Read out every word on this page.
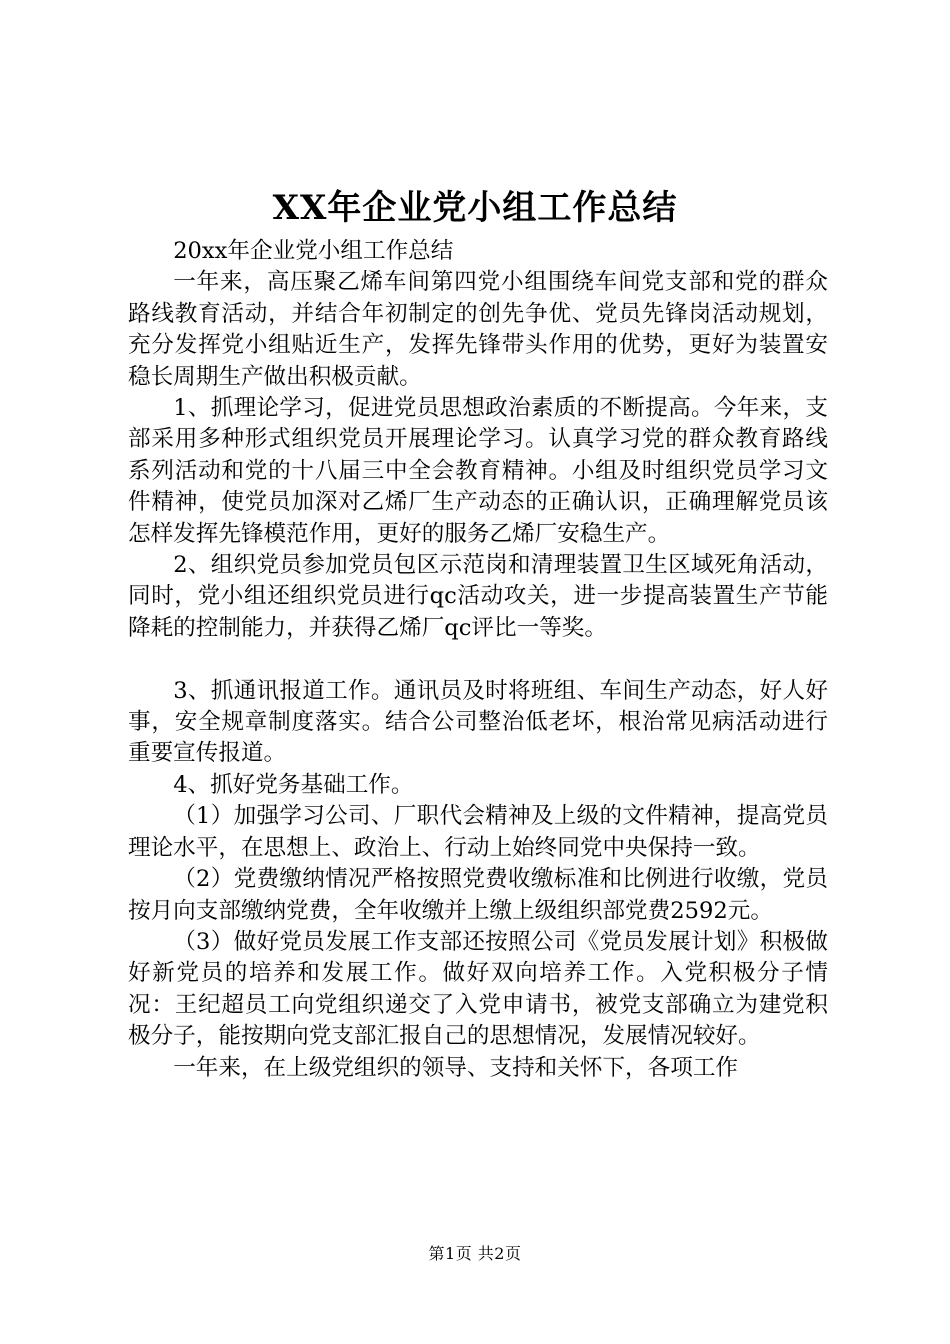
XX年企业党小组工作总结

20xx年企业党小组工作总结

一年来，高压聚乙烯车间第四党小组围绕车间党支部和党的群众路线教育活动，并结合年初制定的创先争优、党员先锋岗活动规划，充分发挥党小组贴近生产，发挥先锋带头作用的优势，更好为装置安稳长周期生产做出积极贡献。

1、抓理论学习，促进党员思想政治素质的不断提高。今年来，支部采用多种形式组织党员开展理论学习。认真学习党的群众教育路线系列活动和党的十八届三中全会教育精神。小组及时组织党员学习文件精神，使党员加深对乙烯厂生产动态的正确认识，正确理解党员该怎样发挥先锋模范作用，更好的服务乙烯厂安稳生产。

2、组织党员参加党员包区示范岗和清理装置卫生区域死角活动，同时，党小组还组织党员进行qc活动攻关，进一步提高装置生产节能降耗的控制能力，并获得乙烯厂qc评比一等奖。

3、抓通讯报道工作。通讯员及时将班组、车间生产动态，好人好事，安全规章制度落实。结合公司整治低老坏，根治常见病活动进行重要宣传报道。

4、抓好党务基础工作。

（1）加强学习公司、厂职代会精神及上级的文件精神，提高党员理论水平，在思想上、政治上、行动上始终同党中央保持一致。

（2）党费缴纳情况严格按照党费收缴标准和比例进行收缴，党员按月向支部缴纳党费，全年收缴并上缴上级组织部党费2592元。

（3）做好党员发展工作支部还按照公司《党员发展计划》积极做好新党员的培养和发展工作。做好双向培养工作。入党积极分子情况：王纪超员工向党组织递交了入党申请书，被党支部确立为建党积极分子，能按期向党支部汇报自己的思想情况，发展情况较好。

一年来，在上级党组织的领导、支持和关怀下，各项工作

第1页 共2页
